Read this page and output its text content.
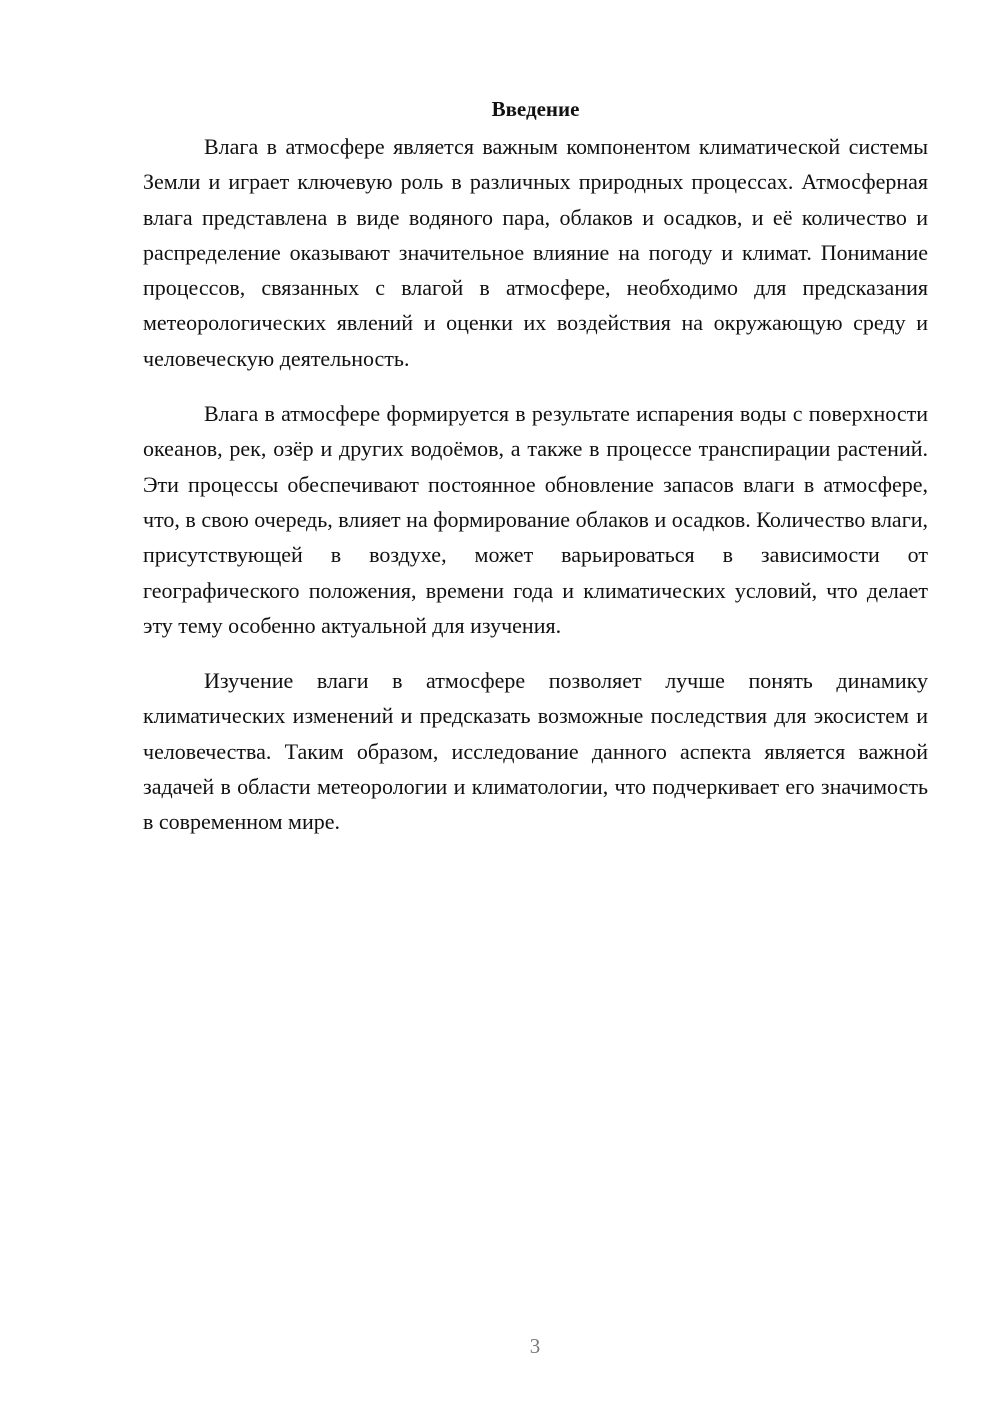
Введение

Влага в атмосфере является важным компонентом климатической системы Земли и играет ключевую роль в различных природных процессах. Атмосферная влага представлена в виде водяного пара, облаков и осадков, и её количество и распределение оказывают значительное влияние на погоду и климат. Понимание процессов, связанных с влагой в атмосфере, необходимо для предсказания метеорологических явлений и оценки их воздействия на окружающую среду и человеческую деятельность.

Влага в атмосфере формируется в результате испарения воды с поверхности океанов, рек, озёр и других водоёмов, а также в процессе транспирации растений. Эти процессы обеспечивают постоянное обновление запасов влаги в атмосфере, что, в свою очередь, влияет на формирование облаков и осадков. Количество влаги, присутствующей в воздухе, может варьироваться в зависимости от географического положения, времени года и климатических условий, что делает эту тему особенно актуальной для изучения.

Изучение влаги в атмосфере позволяет лучше понять динамику климатических изменений и предсказать возможные последствия для экосистем и человечества. Таким образом, исследование данного аспекта является важной задачей в области метеорологии и климатологии, что подчеркивает его значимость в современном мире.

3
